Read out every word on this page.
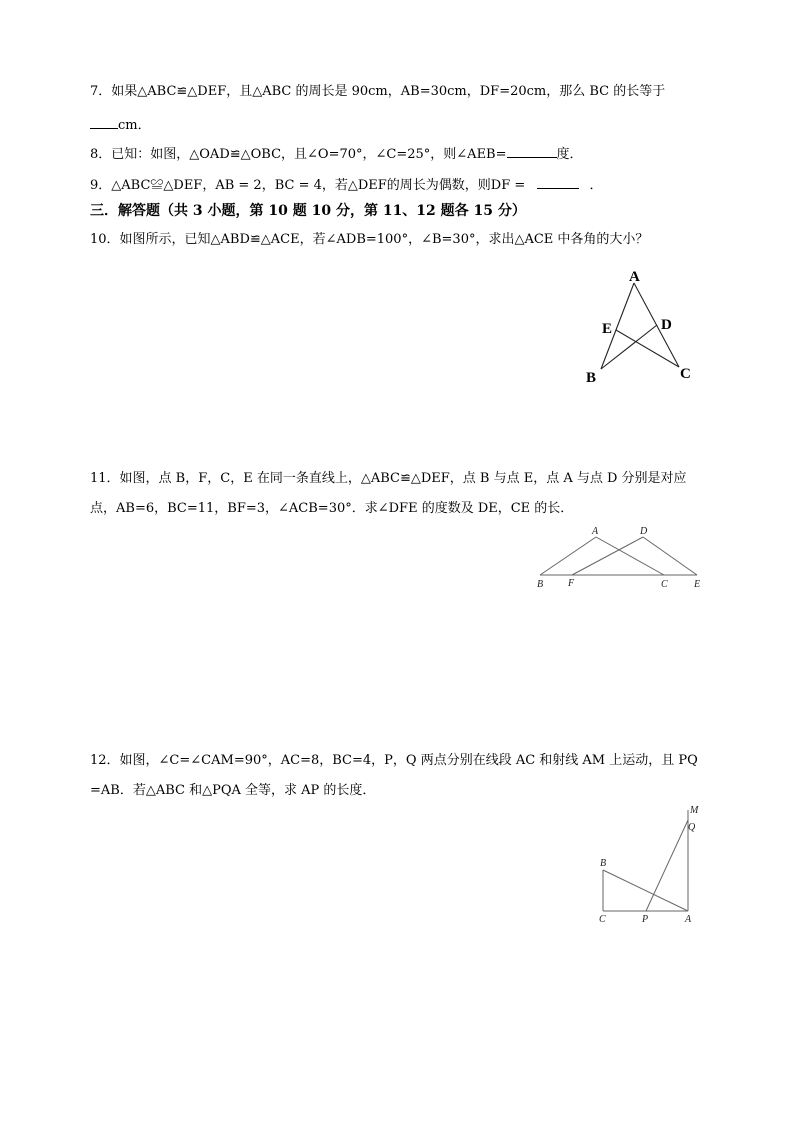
7．如果△ABC≌△DEF，且△ABC 的周长是 90cm，AB=30cm，DF=20cm，那么 BC 的长等于
cm．
8．已知：如图，△OAD≌△OBC，且∠O=70°，∠C=25°，则∠AEB=	度．
9．△ABC≌△DEF，AB = 2，BC = 4，若△DEF的周长为偶数，则DF =	．
三．解答题（共 3 小题，第 10 题 10 分，第 11、12 题各 15 分）
10．如图所示，已知△ABD≌△ACE，若∠ADB=100°，∠B=30°，求出△ACE 中各角的大小？
A
E	D
B	C
11．如图，点 B，F，C，E 在同一条直线上，△ABC≌△DEF，点 B 与点 E，点 A 与点 D 分别是对应
点，AB=6，BC=11，BF=3，∠ACB=30°．求∠DFE 的度数及 DE，CE 的长．
A	D
B F	C	E
12．如图，∠C=∠CAM=90°，AC=8，BC=4，P，Q 两点分别在线段 AC 和射线 AM 上运动，且 PQ
=AB．若△ABC 和△PQA 全等，求 AP 的长度．
M
Q
B
C	P	A
